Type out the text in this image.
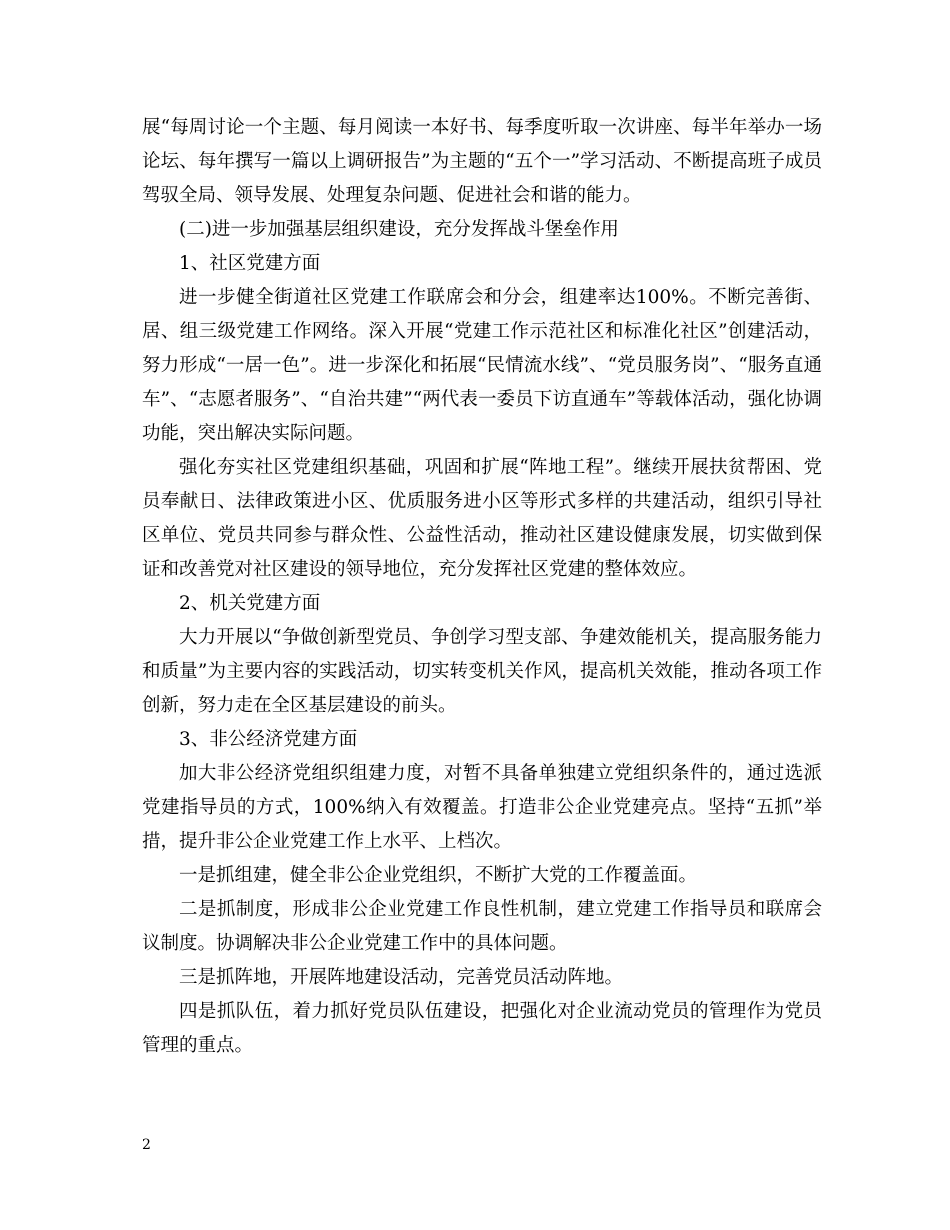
展“每周讨论一个主题、每月阅读一本好书、每季度听取一次讲座、每半年举办一场论坛、每年撰写一篇以上调研报告”为主题的“五个一”学习活动、不断提高班子成员驾驭全局、领导发展、处理复杂问题、促进社会和谐的能力。

(二)进一步加强基层组织建设，充分发挥战斗堡垒作用

1、社区党建方面

进一步健全街道社区党建工作联席会和分会，组建率达100%。不断完善街、居、组三级党建工作网络。深入开展“党建工作示范社区和标准化社区”创建活动，努力形成“一居一色”。进一步深化和拓展“民情流水线”、“党员服务岗”、“服务直通车”、“志愿者服务”、“自治共建”“两代表一委员下访直通车”等载体活动，强化协调功能，突出解决实际问题。

强化夯实社区党建组织基础，巩固和扩展“阵地工程”。继续开展扶贫帮困、党员奉献日、法律政策进小区、优质服务进小区等形式多样的共建活动，组织引导社区单位、党员共同参与群众性、公益性活动，推动社区建设健康发展，切实做到保证和改善党对社区建设的领导地位，充分发挥社区党建的整体效应。

2、机关党建方面

大力开展以“争做创新型党员、争创学习型支部、争建效能机关，提高服务能力和质量”为主要内容的实践活动，切实转变机关作风，提高机关效能，推动各项工作创新，努力走在全区基层建设的前头。

3、非公经济党建方面

加大非公经济党组织组建力度，对暂不具备单独建立党组织条件的，通过选派党建指导员的方式，100%纳入有效覆盖。打造非公企业党建亮点。坚持“五抓”举措，提升非公企业党建工作上水平、上档次。

一是抓组建，健全非公企业党组织，不断扩大党的工作覆盖面。

二是抓制度，形成非公企业党建工作良性机制，建立党建工作指导员和联席会议制度。协调解决非公企业党建工作中的具体问题。

三是抓阵地，开展阵地建设活动，完善党员活动阵地。

四是抓队伍，着力抓好党员队伍建设，把强化对企业流动党员的管理作为党员管理的重点。

2
